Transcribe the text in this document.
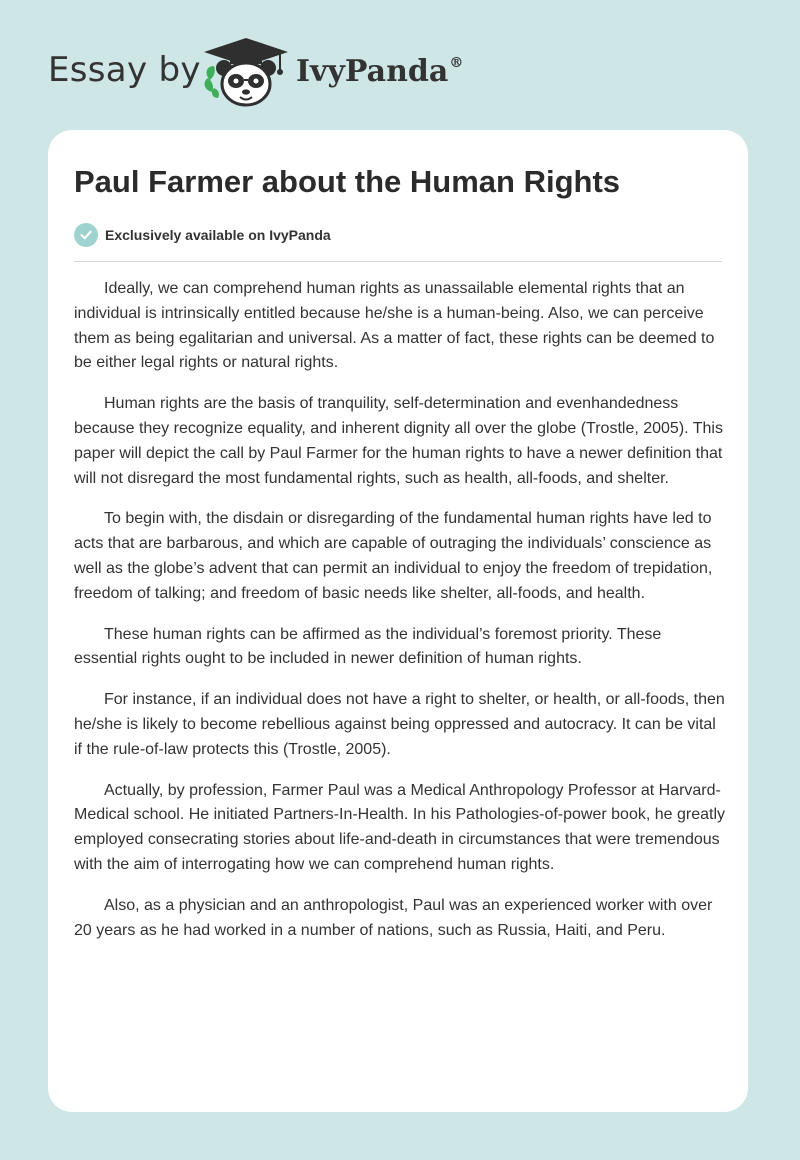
Essay by	IvyPanda®
Paul Farmer about the Human Rights
Exclusively available on IvyPanda

Ideally, we can comprehend human rights as unassailable elemental rights that an individual is intrinsically entitled because he/she is a human-being. Also, we can perceive them as being egalitarian and universal. As a matter of fact, these rights can be deemed to be either legal rights or natural rights.

Human rights are the basis of tranquility, self-determination and evenhandedness because they recognize equality, and inherent dignity all over the globe (Trostle, 2005). This paper will depict the call by Paul Farmer for the human rights to have a newer definition that will not disregard the most fundamental rights, such as health, all-foods, and shelter.

To begin with, the disdain or disregarding of the fundamental human rights have led to acts that are barbarous, and which are capable of outraging the individuals’ conscience as well as the globe’s advent that can permit an individual to enjoy the freedom of trepidation, freedom of talking; and freedom of basic needs like shelter, all-foods, and health.

These human rights can be affirmed as the individual’s foremost priority. These essential rights ought to be included in newer definition of human rights.

For instance, if an individual does not have a right to shelter, or health, or all-foods, then he/she is likely to become rebellious against being oppressed and autocracy. It can be vital if the rule-of-law protects this (Trostle, 2005).

Actually, by profession, Farmer Paul was a Medical Anthropology Professor at Harvard-Medical school. He initiated Partners-In-Health. In his Pathologies-of-power book, he greatly employed consecrating stories about life-and-death in circumstances that were tremendous with the aim of interrogating how we can comprehend human rights.

Also, as a physician and an anthropologist, Paul was an experienced worker with over 20 years as he had worked in a number of nations, such as Russia, Haiti, and Peru.
